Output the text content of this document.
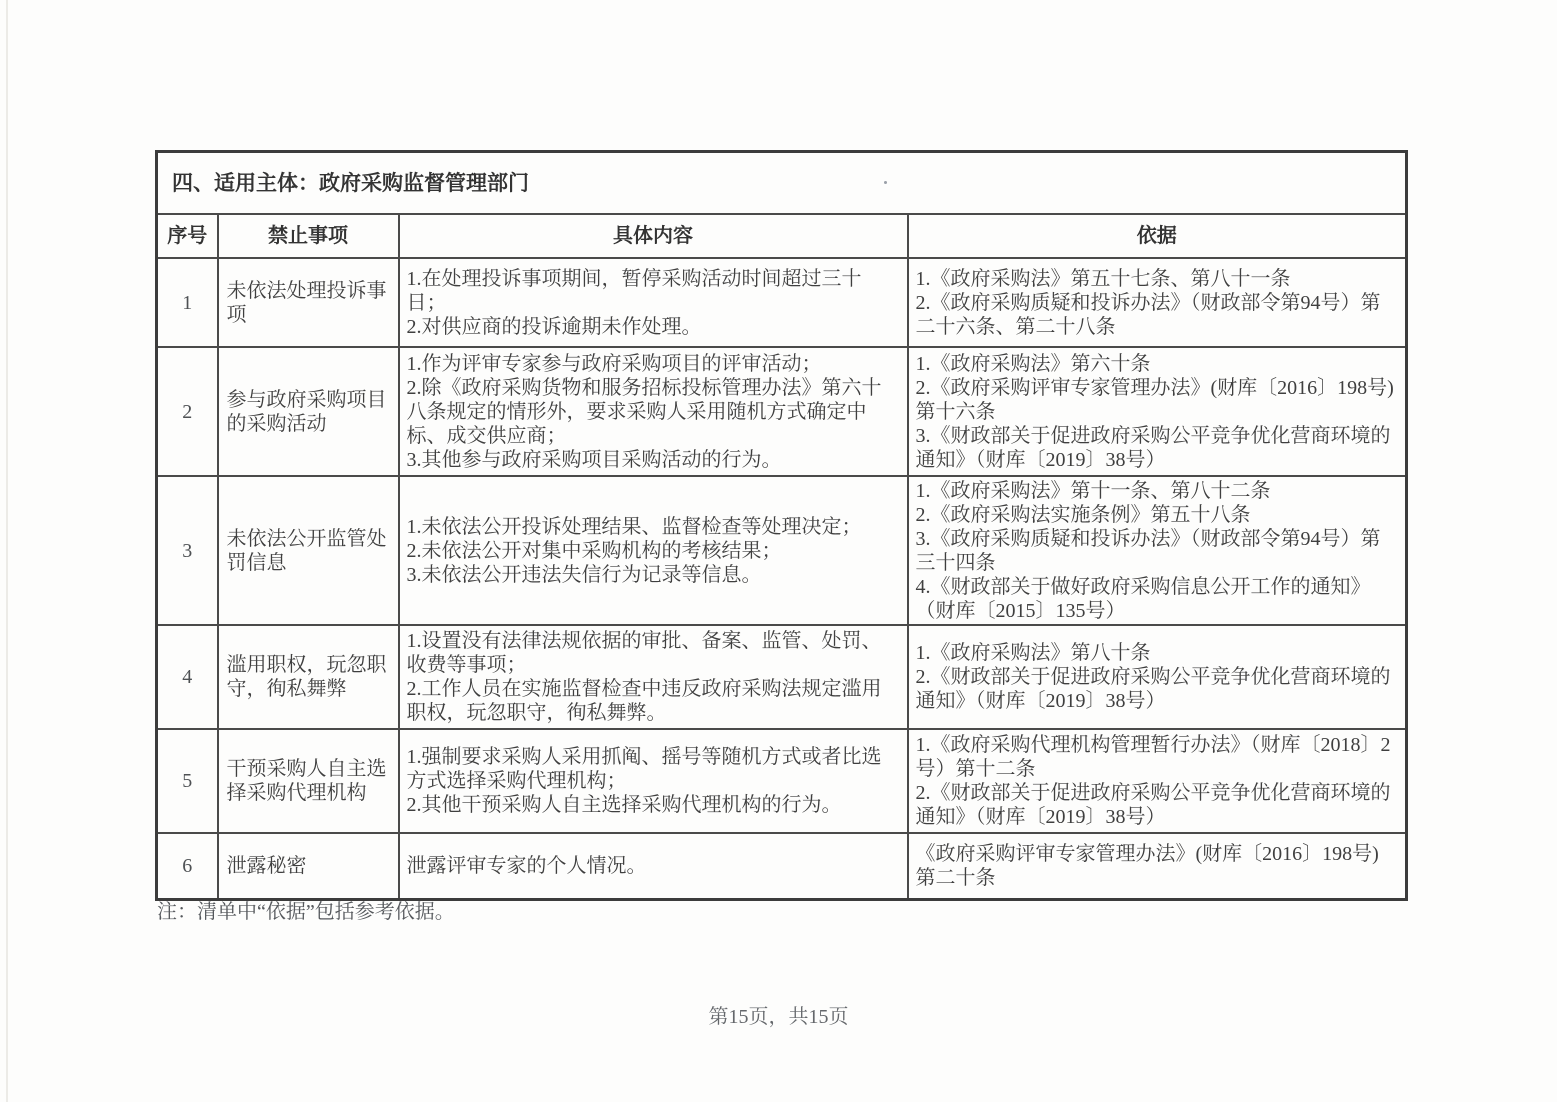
四、适用主体：政府采购监督管理部门			
序号	禁止事项	具体内容	依据
1	未依法处理投诉事项	1.在处理投诉事项期间，暂停采购活动时间超过三十日；
2.对供应商的投诉逾期未作处理。	1.《政府采购法》第五十七条、第八十一条
2.《政府采购质疑和投诉办法》（财政部令第94号）第二十六条、第二十八条

2	参与政府采购项目的采购活动	1.作为评审专家参与政府采购项目的评审活动；
2.除《政府采购货物和服务招标投标管理办法》第六十八条规定的情形外，要求采购人采用随机方式确定中标、成交供应商；
3.其他参与政府采购项目采购活动的行为。	1.《政府采购法》第六十条
2.《政府采购评审专家管理办法》(财库〔2016〕198号)第十六条
3.《财政部关于促进政府采购公平竞争优化营商环境的通知》（财库〔2019〕38号）

3	未依法公开监管处罚信息	1.未依法公开投诉处理结果、监督检查等处理决定；
2.未依法公开对集中采购机构的考核结果；
3.未依法公开违法失信行为记录等信息。	1.《政府采购法》第十一条、第八十二条
2.《政府采购法实施条例》第五十八条
3.《政府采购质疑和投诉办法》（财政部令第94号）第三十四条
4.《财政部关于做好政府采购信息公开工作的通知》（财库〔2015〕135号）

4	滥用职权，玩忽职守，徇私舞弊	1.设置没有法律法规依据的审批、备案、监管、处罚、收费等事项；
2.工作人员在实施监督检查中违反政府采购法规定滥用职权，玩忽职守，徇私舞弊。	1.《政府采购法》第八十条
2.《财政部关于促进政府采购公平竞争优化营商环境的通知》（财库〔2019〕38号）

5	干预采购人自主选择采购代理机构	1.强制要求采购人采用抓阄、摇号等随机方式或者比选方式选择采购代理机构；
2.其他干预采购人自主选择采购代理机构的行为。	1.《政府采购代理机构管理暂行办法》（财库〔2018〕2号）第十二条
2.《财政部关于促进政府采购公平竞争优化营商环境的通知》（财库〔2019〕38号）

6	泄露秘密	泄露评审专家的个人情况。	《政府采购评审专家管理办法》(财库〔2016〕198号)第二十条
注：清单中“依据”包括参考依据。
第15页，共15页
